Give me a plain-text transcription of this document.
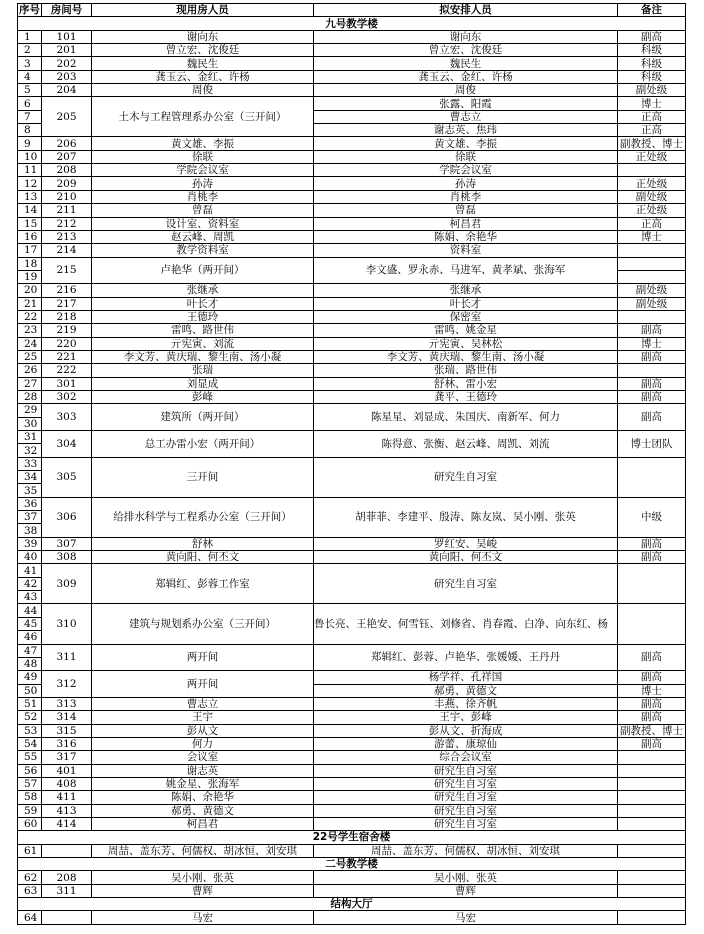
序号	房间号	现用房人员	拟安排人员	备注
九号教学楼				
1	101	谢向东	谢向东	副高
2	201	曾立宏、沈俊廷	曾立宏、沈俊廷	科级
3	202	魏民生	魏民生	科级
4	203	龚玉云、金红、许杨	龚玉云、金红、许杨	科级
5	204	周俊	周俊	副处级
6	205	土木与工程管理系办公室（三开间）	张露、阳霞	博士
7			曹志立	正高
8			谢志英、焦玮	正高
9	206	黄文雄、李振	黄文雄、李振	副教授、博士
10	207	徐联	徐联	正处级
11	208	学院会议室	学院会议室	
12	209	孙涛	孙涛	正处级
13	210	肖桃李	肖桃李	副处级
14	211	曾磊	曾磊	正处级
15	212	设计室、资料室	柯昌君	正高
16	213	赵云峰、周凯	陈娟、余艳华	博士
17	214	教学资料室	资料室	
18	215	卢艳华（两开间）	李文盛、罗永赤、马进军、黄孝斌、张海军	
19				
20	216	张继承	张继承	副处级
21	217	叶长才	叶长才	副处级
22	218	王德玲	保密室	
23	219	雷鸣、路世伟	雷鸣、姚金星	副高
24	220	亓宪寅、刘流	亓宪寅、吴林松	博士
25	221	李文芳、黄庆瑞、黎生南、汤小凝	李文芳、黄庆瑞、黎生南、汤小凝	副高
26	222	张瑞	张瑞、路世伟	
27	301	刘显成	舒林、雷小宏	副高
28	302	彭峰	龚平、王德玲	副高
29	303	建筑所（两开间）	陈星星、刘显成、朱国庆、南新军、何力	副高
30				
31	304	总工办雷小宏（两开间）	陈得意、张衡、赵云峰、周凯、刘流	博士团队
32				
33	305	三开间	研究生自习室	
34				
35				
36	306	给排水科学与工程系办公室（三开间）	胡菲菲、李建平、殷涛、陈友岚、吴小刚、张英	中级
37				
38				
39	307	舒林	罗红安、吴峻	副高
40	308	黄向阳、何丕文	黄向阳、何丕文	副高
41	309	郑辑红、彭蓉工作室	研究生自习室	
42				
43				
44	310	建筑与规划系办公室（三开间）	鲁长亮、王艳安、何雪钰、刘修省、肖春霞、白净、向东红、杨	
45				
46				
47	311	两开间	郑辑红、彭蓉、卢艳华、张媛媛、王丹丹	副高
48				
49	312	两开间	杨学祥、孔祥国	副高
50			郝勇、黄德文	博士
51	313	曹志立	丰燕、徐齐帆	副高
52	314	王宇	王宇、彭峰	副高
53	315	彭从文	彭从文、折海成	副教授、博士
54	316	何力	游蕾、康琼仙	副高
55	317	会议室	综合会议室	
56	401	谢志英	研究生自习室	
57	408	姚金星、张海军	研究生自习室	
58	411	陈娟、余艳华	研究生自习室	
59	413	郝勇、黄德文	研究生自习室	
60	414	柯昌君	研究生自习室	
22号学生宿舍楼				
61		周喆、盖东芳、何儒权、胡冰恒、刘安琪	周喆、盖东芳、何儒权、胡冰恒、刘安琪	
二号教学楼				
62	208	吴小刚、张英	吴小刚、张英	
63	311	曹辉	曹辉	
结构大厅				
64		马宏	马宏	
